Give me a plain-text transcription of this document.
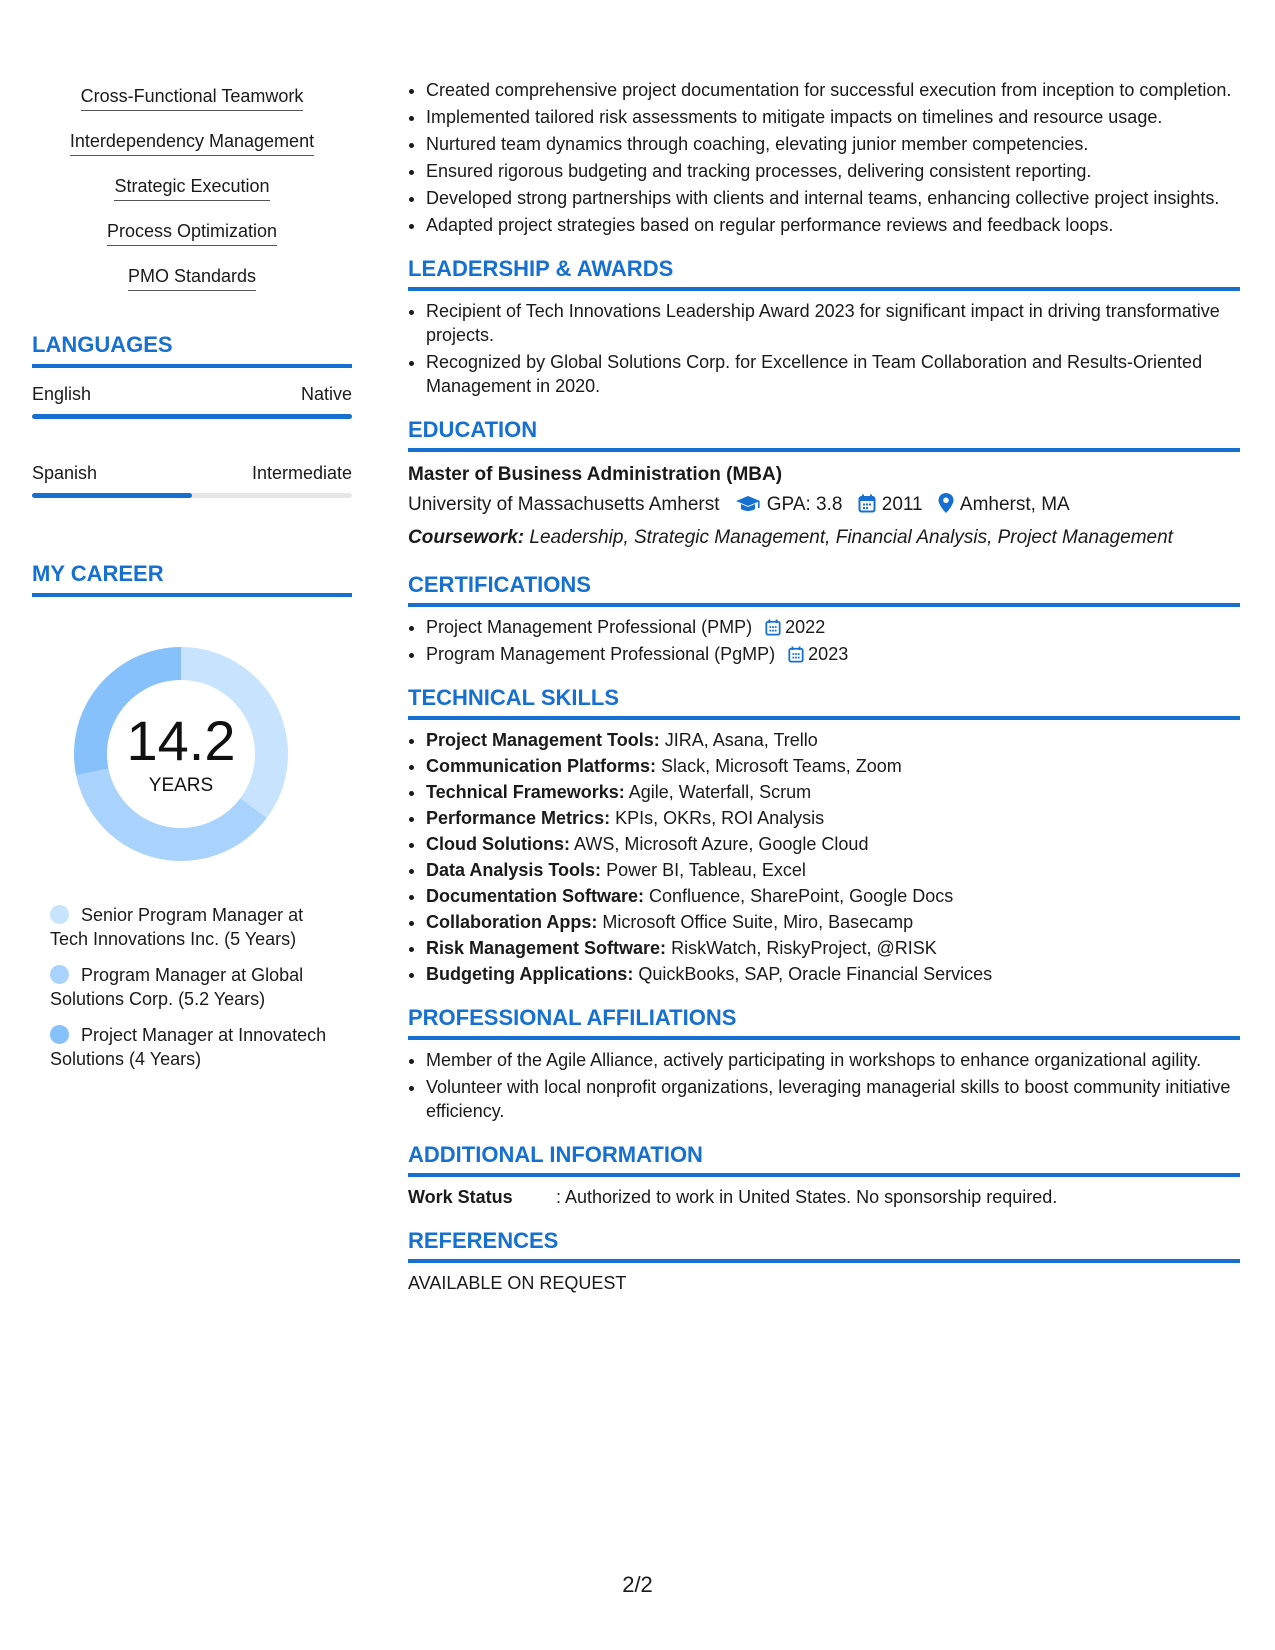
Cross-Functional Teamwork
Interdependency Management
Strategic Execution
Process Optimization
PMO Standards
LANGUAGES
English	Native
Spanish	Intermediate
MY CAREER
14.2
YEARS
Senior Program Manager at Tech Innovations Inc. (5 Years)
Program Manager at Global Solutions Corp. (5.2 Years)
Project Manager at Innovatech Solutions (4 Years)
• Created comprehensive project documentation for successful execution from inception to completion.
• Implemented tailored risk assessments to mitigate impacts on timelines and resource usage.
• Nurtured team dynamics through coaching, elevating junior member competencies.
• Ensured rigorous budgeting and tracking processes, delivering consistent reporting.
• Developed strong partnerships with clients and internal teams, enhancing collective project insights.
• Adapted project strategies based on regular performance reviews and feedback loops.
LEADERSHIP & AWARDS
• Recipient of Tech Innovations Leadership Award 2023 for significant impact in driving transformative projects.
• Recognized by Global Solutions Corp. for Excellence in Team Collaboration and Results-Oriented Management in 2020.
EDUCATION
Master of Business Administration (MBA)
University of Massachusetts Amherst GPA: 3.8 2011 Amherst, MA
Coursework: Leadership, Strategic Management, Financial Analysis, Project Management
CERTIFICATIONS
• Project Management Professional (PMP) 2022
• Program Management Professional (PgMP) 2023
TECHNICAL SKILLS
• Project Management Tools: JIRA, Asana, Trello
• Communication Platforms: Slack, Microsoft Teams, Zoom
• Technical Frameworks: Agile, Waterfall, Scrum
• Performance Metrics: KPIs, OKRs, ROI Analysis
• Cloud Solutions: AWS, Microsoft Azure, Google Cloud
• Data Analysis Tools: Power BI, Tableau, Excel
• Documentation Software: Confluence, SharePoint, Google Docs
• Collaboration Apps: Microsoft Office Suite, Miro, Basecamp
• Risk Management Software: RiskWatch, RiskyProject, @RISK
• Budgeting Applications: QuickBooks, SAP, Oracle Financial Services
PROFESSIONAL AFFILIATIONS
• Member of the Agile Alliance, actively participating in workshops to enhance organizational agility.
• Volunteer with local nonprofit organizations, leveraging managerial skills to boost community initiative efficiency.
ADDITIONAL INFORMATION
Work Status	: Authorized to work in United States. No sponsorship required.
REFERENCES
AVAILABLE ON REQUEST
2/2
